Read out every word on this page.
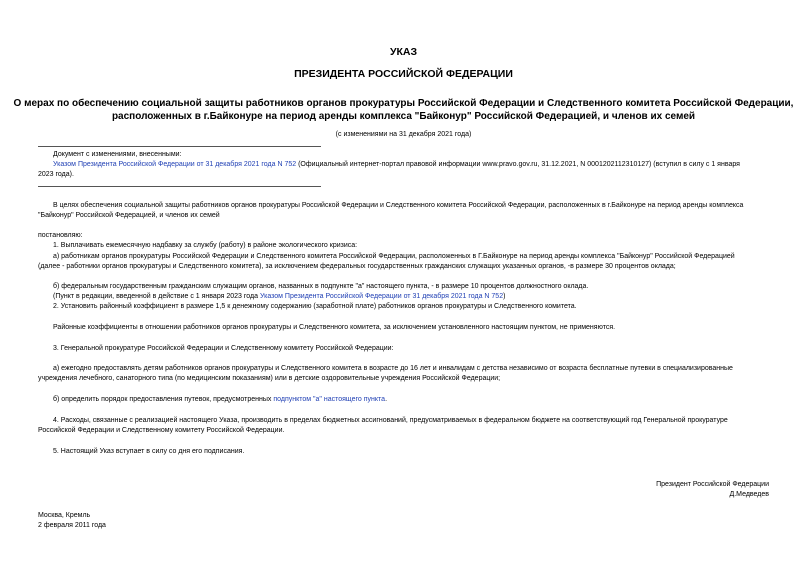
УКАЗ
ПРЕЗИДЕНТА РОССИЙСКОЙ ФЕДЕРАЦИИ
О мерах по обеспечению социальной защиты работников органов прокуратуры Российской Федерации и Следственного комитета Российской Федерации,
расположенных в г.Байконуре на период аренды комплекса "Байконур" Российской Федерацией, и членов их семей
(с изменениями на 31 декабря 2021 года)
Документ с изменениями, внесенными:
Указом Президента Российской Федерации от 31 декабря 2021 года N 752 (Официальный интернет-портал правовой информации www.pravo.gov.ru, 31.12.2021, N 0001202112310127) (вступил в силу с 1 января
2023 года).
В целях обеспечения социальной защиты работников органов прокуратуры Российской Федерации и Следственного комитета Российской Федерации, расположенных в г.Байконуре на период аренды комплекса
"Байконур" Российской Федерацией, и членов их семей
постановляю:
1. Выплачивать ежемесячную надбавку за службу (работу) в районе экологического кризиса:
а) работникам органов прокуратуры Российской Федерации и Следственного комитета Российской Федерации, расположенных в Г.Байконуре на период аренды комплекса "Байконур" Российской Федерацией
(далее - работники органов прокуратуры и Следственного комитета), за исключением федеральных государственных гражданских служащих указанных органов, -в размере 30 процентов оклада;
б) федеральным государственным гражданским служащим органов, названных в подпункте "а" настоящего пункта, - в размере 10 процентов должностного оклада.
(Пункт в редакции, введенной в действие с 1 января 2023 года Указом Президента Российской Федерации от 31 декабря 2021 года N 752)
2. Установить районный коэффициент в размере 1,5 к денежному содержанию (заработной плате) работников органов прокуратуры и Следственного комитета.
Районные коэффициенты в отношении работников органов прокуратуры и Следственного комитета, за исключением установленного настоящим пунктом, не применяются.
3. Генеральной прокуратуре Российской Федерации и Следственному комитету Российской Федерации:
а) ежегодно предоставлять детям работников органов прокуратуры и Следственного комитета в возрасте до 16 лет и инвалидам с детства независимо от возраста бесплатные путевки в специализированные
учреждения лечебного, санаторного типа (по медицинским показаниям) или в детские оздоровительные учреждения Российской Федерации;
б) определить порядок предоставления путевок, предусмотренных подпунктом "а" настоящего пункта.
4. Расходы, связанные с реализацией настоящего Указа, производить в пределах бюджетных ассигнований, предусматриваемых в федеральном бюджете на соответствующий год Генеральной прокуратуре
Российской Федерации и Следственному комитету Российской Федерации.
5. Настоящий Указ вступает в силу со дня его подписания.
Президент Российской Федерации
Д.Медведев
Москва, Кремль
2 февраля 2011 года
